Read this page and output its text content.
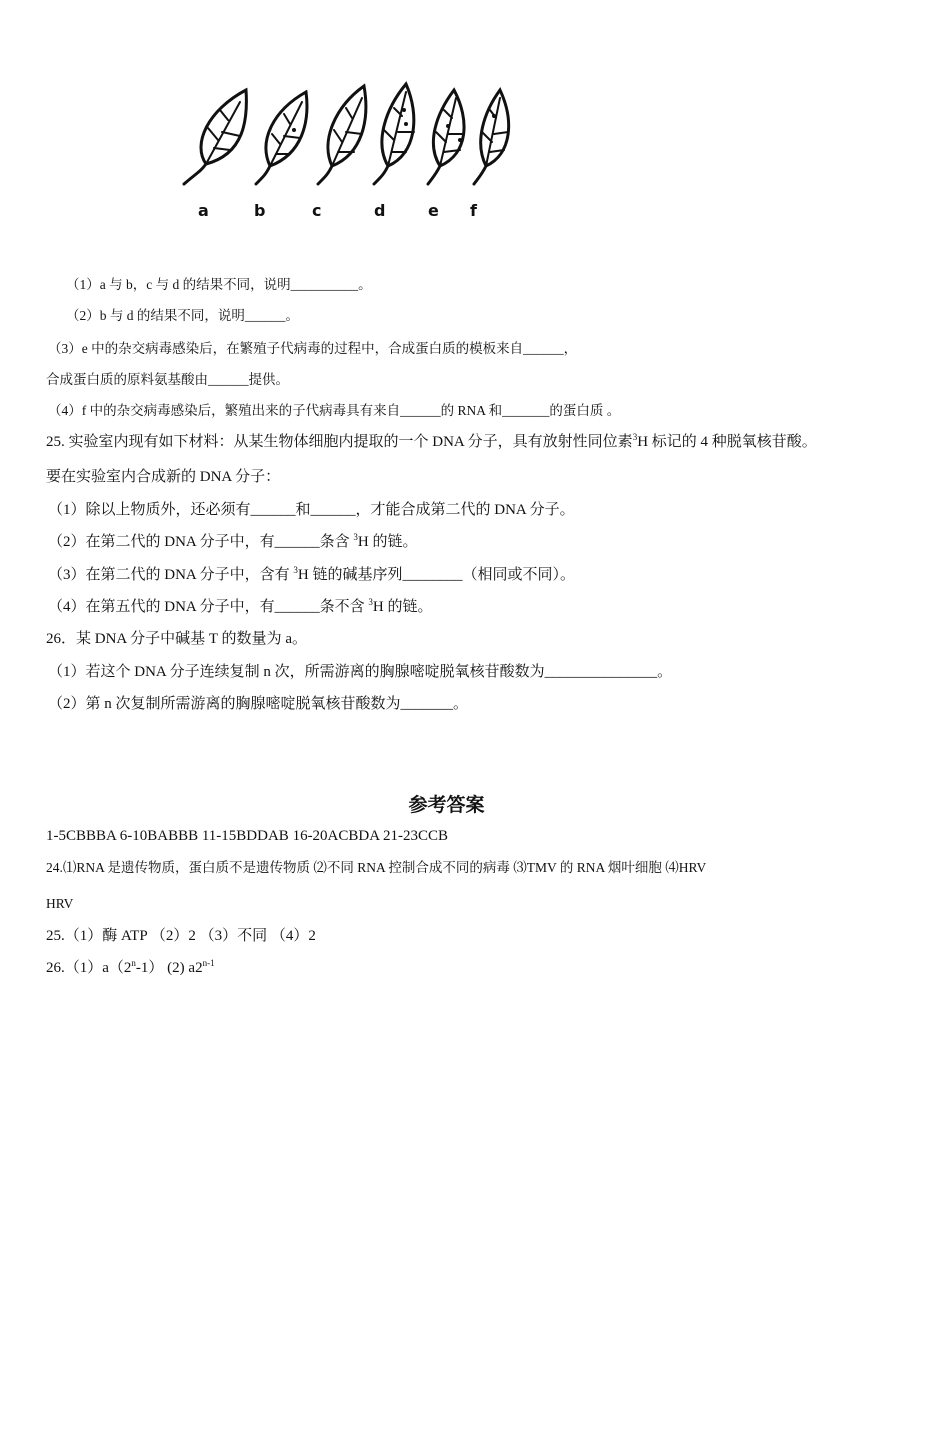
a	b	c	d	e f
（1）a 与 b，c 与 d 的结果不同，说明__________。
（2）b 与 d 的结果不同，说明______。
（3）e 中的杂交病毒感染后，在繁殖子代病毒的过程中，合成蛋白质的模板来自______，
合成蛋白质的原料氨基酸由______提供。
（4）f 中的杂交病毒感染后，繁殖出来的子代病毒具有来自______的 RNA 和_______的蛋白质 。
25. 实验室内现有如下材料：从某生物体细胞内提取的一个 DNA 分子，具有放射性同位素$^3$H 标记的 4 种脱氧核苷酸。
要在实验室内合成新的 DNA 分子：
（1）除以上物质外，还必须有______和______，才能合成第二代的 DNA 分子。
（2）在第二代的 DNA 分子中，有______条含 $^3$H 的链。
（3）在第二代的 DNA 分子中，含有 $^3$H 链的碱基序列________（相同或不同）。
（4）在第五代的 DNA 分子中，有______条不含 $^3$H 的链。
26．某 DNA 分子中碱基 T 的数量为 a。
（1）若这个 DNA 分子连续复制 n 次，所需游离的胸腺嘧啶脱氧核苷酸数为_______________。
（2）第 n 次复制所需游离的胸腺嘧啶脱氧核苷酸数为_______。
参考答案
1-5CBBBA 6-10BABBB 11-15BDDAB 16-20ACBDA 21-23CCB
24.⑴RNA 是遗传物质，蛋白质不是遗传物质 ⑵不同 RNA 控制合成不同的病毒 ⑶TMV 的 RNA 烟叶细胞 ⑷HRV
HRV
25.（1）酶 ATP （2）2 （3）不同 （4）2
26.（1）a（2$^n$-1） (2) a2$^{n-1}$
